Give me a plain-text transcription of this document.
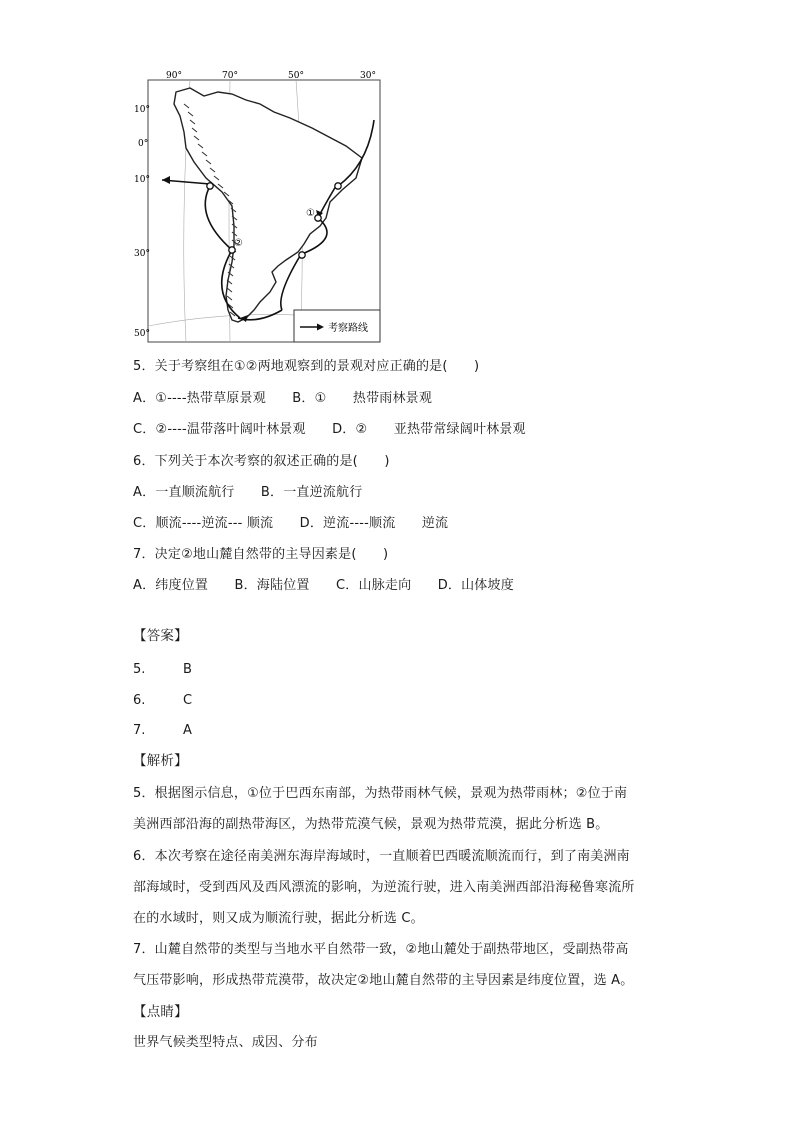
90°	70°	50°	30°
10°
0°
10°
30°
50°
①
②
考察路线
5．关于考察组在①②两地观察到的景观对应正确的是(　　)
A．①----热带草原景观　　B．①　　热带雨林景观
C．②----温带落叶阔叶林景观　　D．②　　亚热带常绿阔叶林景观
6．下列关于本次考察的叙述正确的是(　　)
A．一直顺流航行　　B．一直逆流航行
C．顺流----逆流--- 顺流　　D．逆流----顺流　　逆流
7．决定②地山麓自然带的主导因素是(　　)
A．纬度位置　　B．海陆位置　　C．山脉走向　　D．山体坡度
【答案】
5.	B
6.	C
7.	A
【解析】
5．根据图示信息，①位于巴西东南部，为热带雨林气候，景观为热带雨林；②位于南
美洲西部沿海的副热带海区，为热带荒漠气候，景观为热带荒漠，据此分析选 B。
6．本次考察在途径南美洲东海岸海域时，一直顺着巴西暖流顺流而行，到了南美洲南
部海域时，受到西风及西风漂流的影响，为逆流行驶，进入南美洲西部沿海秘鲁寒流所
在的水域时，则又成为顺流行驶，据此分析选 C。
7．山麓自然带的类型与当地水平自然带一致，②地山麓处于副热带地区，受副热带高
气压带影响，形成热带荒漠带，故决定②地山麓自然带的主导因素是纬度位置，选 A。
【点睛】
世界气候类型特点、成因、分布
